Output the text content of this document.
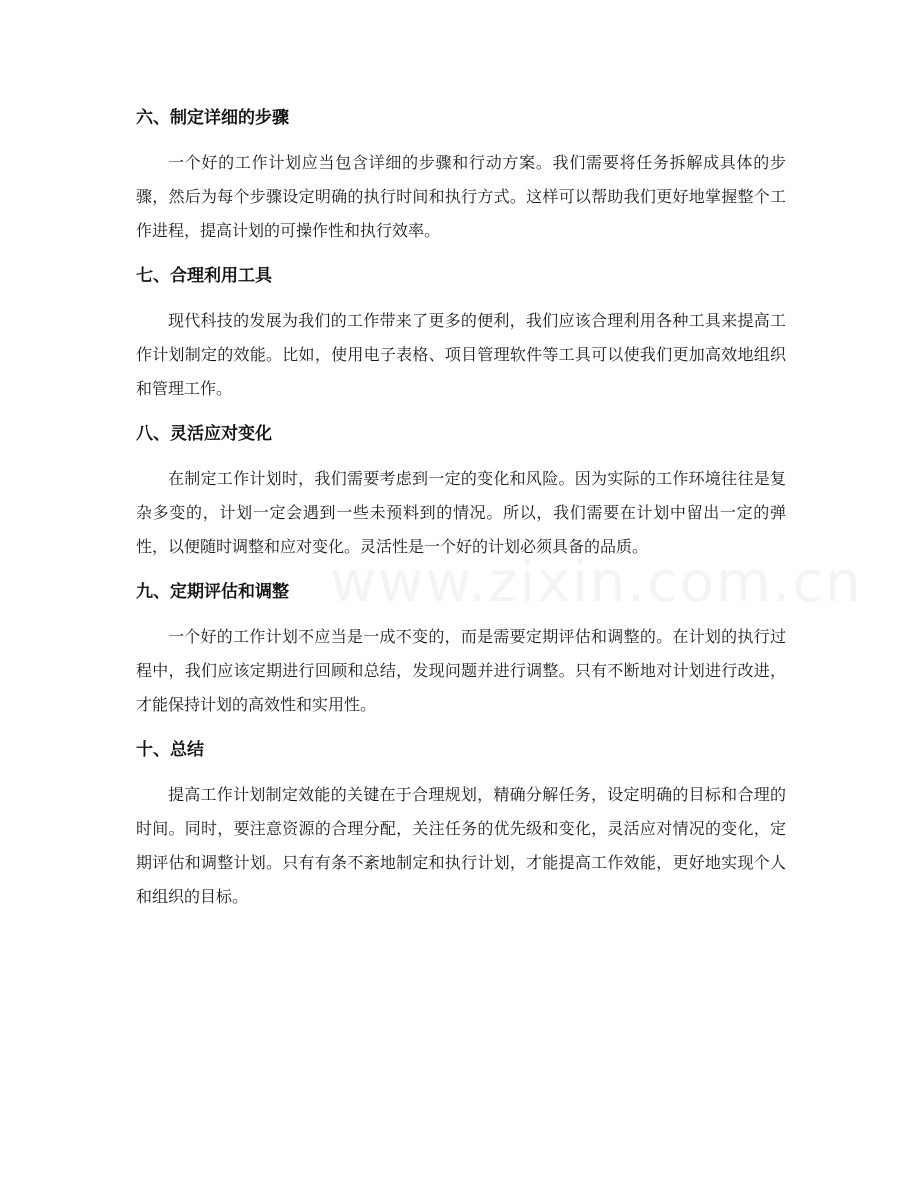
六、制定详细的步骤

一个好的工作计划应当包含详细的步骤和行动方案。我们需要将任务拆解成具体的步骤，然后为每个步骤设定明确的执行时间和执行方式。这样可以帮助我们更好地掌握整个工作进程，提高计划的可操作性和执行效率。

七、合理利用工具

现代科技的发展为我们的工作带来了更多的便利，我们应该合理利用各种工具来提高工作计划制定的效能。比如，使用电子表格、项目管理软件等工具可以使我们更加高效地组织和管理工作。

八、灵活应对变化

在制定工作计划时，我们需要考虑到一定的变化和风险。因为实际的工作环境往往是复杂多变的，计划一定会遇到一些未预料到的情况。所以，我们需要在计划中留出一定的弹性，以便随时调整和应对变化。灵活性是一个好的计划必须具备的品质。

九、定期评估和调整

一个好的工作计划不应当是一成不变的，而是需要定期评估和调整的。在计划的执行过程中，我们应该定期进行回顾和总结，发现问题并进行调整。只有不断地对计划进行改进，才能保持计划的高效性和实用性。

十、总结

提高工作计划制定效能的关键在于合理规划，精确分解任务，设定明确的目标和合理的时间。同时，要注意资源的合理分配，关注任务的优先级和变化，灵活应对情况的变化，定期评估和调整计划。只有有条不紊地制定和执行计划，才能提高工作效能，更好地实现个人和组织的目标。
